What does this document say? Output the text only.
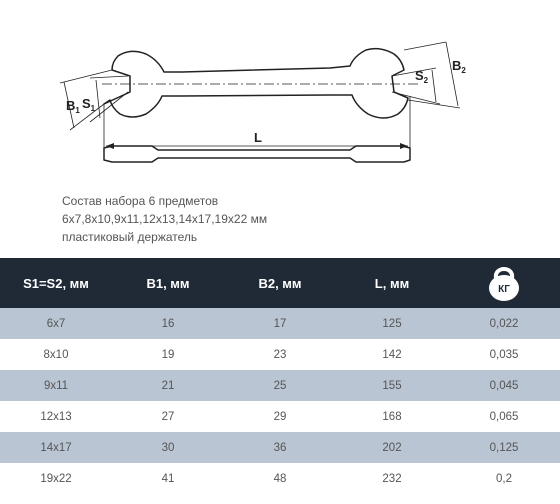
$B_1$ $S_1$
$S_2$
$B_2$
L
Состав набора 6 предметов
6х7,8х10,9х11,12х13,14х17,19х22 мм
пластиковый держатель
S1=S2, мм	B1, мм	B2, мм	L, мм	КГ

6x7	16	17	125	0,022
8x10	19	23	142	0,035
9x11	21	25	155	0,045
12x13	27	29	168	0,065
14x17	30	36	202	0,125
19x22	41	48	232	0,2
